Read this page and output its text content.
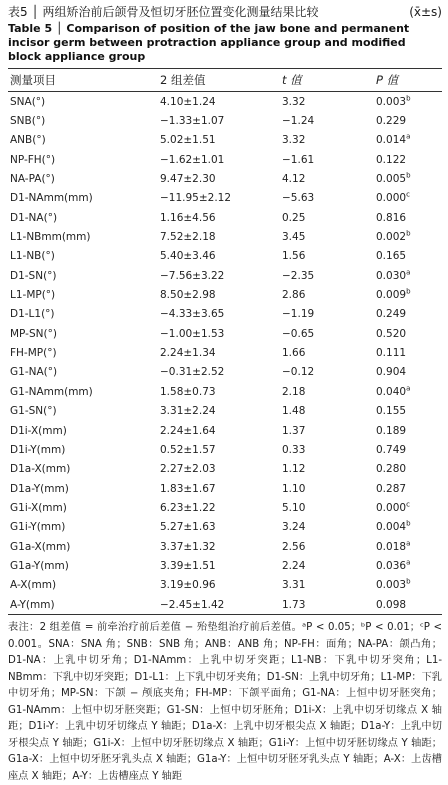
表5 │ 两组矫治前后颌骨及恒切牙胚位置变化测量结果比较	(x̄±s)
Table 5 │ Comparison of position of the jaw bone and permanent incisor germ between protraction appliance group and modified block appliance group
测量项目	2 组差值	t 值	P 值
SNA(°)	4.10±1.24	3.32	0.003$^b$
SNB(°)	−1.33±1.07	−1.24	0.229
ANB(°)	5.02±1.51	3.32	0.014$^a$
NP-FH(°)	−1.62±1.01	−1.61	0.122
NA-PA(°)	9.47±2.30	4.12	0.005$^b$
D1-NAmm(mm)	−11.95±2.12	−5.63	0.000$^c$
D1-NA(°)	1.16±4.56	0.25	0.816
L1-NBmm(mm)	7.52±2.18	3.45	0.002$^b$
L1-NB(°)	5.40±3.46	1.56	0.165
D1-SN(°)	−7.56±3.22	−2.35	0.030$^a$
L1-MP(°)	8.50±2.98	2.86	0.009$^b$
D1-L1(°)	−4.33±3.65	−1.19	0.249
MP-SN(°)	−1.00±1.53	−0.65	0.520
FH-MP(°)	2.24±1.34	1.66	0.111
G1-NA(°)	−0.31±2.52	−0.12	0.904
G1-NAmm(mm)	1.58±0.73	2.18	0.040$^a$
G1-SN(°)	3.31±2.24	1.48	0.155
D1i-X(mm)	2.24±1.64	1.37	0.189
D1i-Y(mm)	0.52±1.57	0.33	0.749
D1a-X(mm)	2.27±2.03	1.12	0.280
D1a-Y(mm)	1.83±1.67	1.10	0.287
G1i-X(mm)	6.23±1.22	5.10	0.000$^c$
G1i-Y(mm)	5.27±1.63	3.24	0.004$^b$
G1a-X(mm)	3.37±1.32	2.56	0.018$^a$
G1a-Y(mm)	3.39±1.51	2.24	0.036$^a$
A-X(mm)	3.19±0.96	3.31	0.003$^b$
A-Y(mm)	−2.45±1.42	1.73	0.098
表注：2 组差值 = 前牵治疗前后差值 − 殆垫组治疗前后差值。ᵃP < 0.05；ᵇP < 0.01；ᶜP < 0.001。SNA：SNA 角；SNB：SNB 角；ANB：ANB 角；NP-FH：面角；NA-PA：颌凸角；D1-NA：上乳中切牙角；D1-NAmm：上乳中切牙突距；L1-NB：下乳中切牙突角；L1-NBmm：下乳中切牙突距；D1-L1：上下乳中切牙夹角；D1-SN：上乳中切牙角；L1-MP：下乳中切牙角；MP-SN：下颌 − 颅底夹角；FH-MP：下颌平面角；G1-NA：上恒中切牙胚突角；G1-NAmm：上恒中切牙胚突距；G1-SN：上恒中切牙胚角；D1i-X：上乳中切牙切缘点 X 轴距；D1i-Y：上乳中切牙切缘点 Y 轴距；D1a-X：上乳中切牙根尖点 X 轴距；D1a-Y：上乳中切牙根尖点 Y 轴距；G1i-X：上恒中切牙胚切缘点 X 轴距；G1i-Y：上恒中切牙胚切缘点 Y 轴距；G1a-X：上恒中切牙胚牙乳头点 X 轴距；G1a-Y：上恒中切牙胚牙乳头点 Y 轴距；A-X：上齿槽座点 X 轴距；A-Y：上齿槽座点 Y 轴距
